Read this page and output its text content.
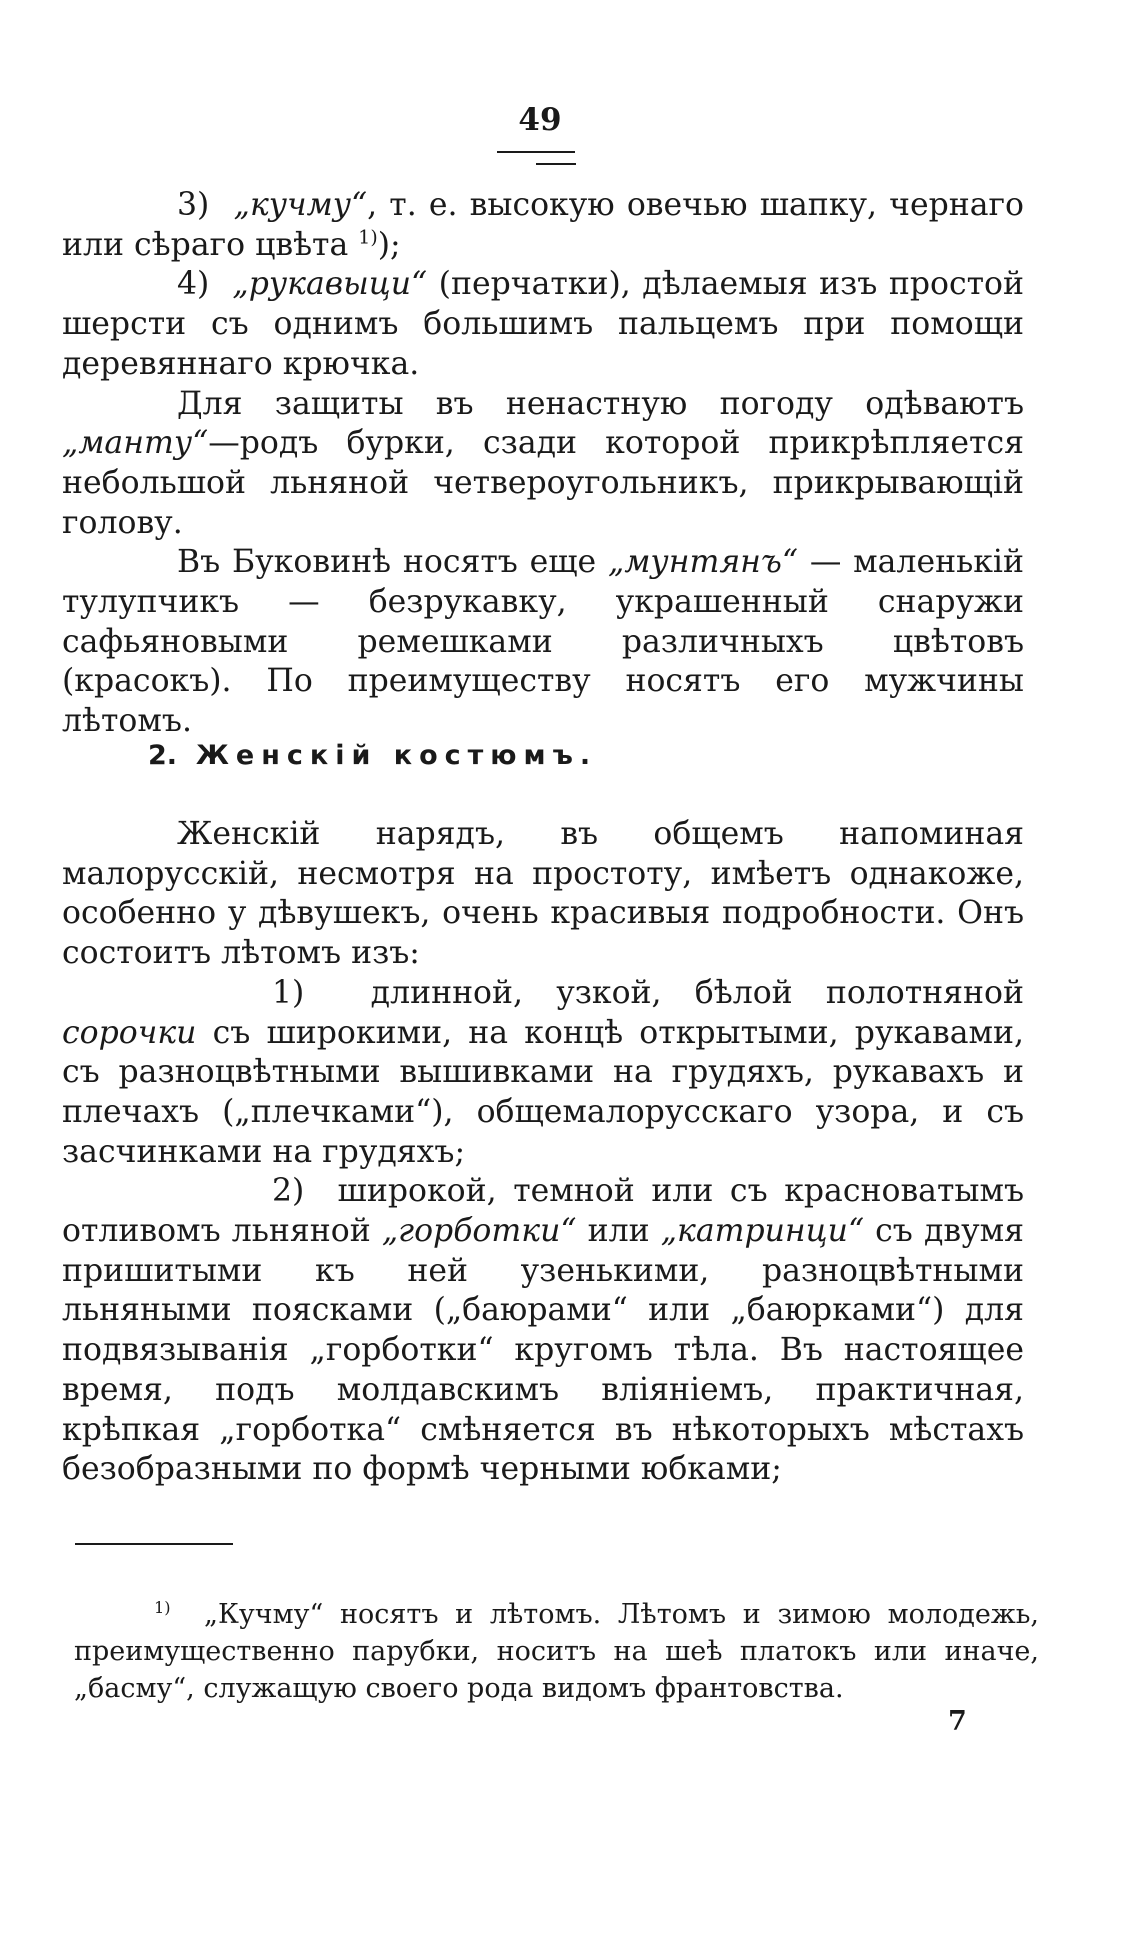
49

3) „кучму“, т. е. высокую овечью шапку, чернаго или сѣраго цвѣта $^{1)}$);

4) „рукавыци“ (перчатки), дѣлаемыя изъ простой шерсти съ однимъ большимъ пальцемъ при помощи деревяннаго крючка.

Для защиты въ ненастную погоду одѣваютъ „манту“—родъ бурки, сзади которой прикрѣпляется небольшой льняной четвероугольникъ, прикрывающій голову.

Въ Буковинѣ носятъ еще „мунтянъ“ — маленькій тулупчикъ — безрукавку, украшенный снаружи сафьяновыми ремешками различныхъ цвѣтовъ (красокъ). По преимуществу носятъ его мужчины лѣтомъ.

2. Женскій костюмъ.

Женскій нарядъ, въ общемъ напоминая малорусскій, несмотря на простоту, имѣетъ однакоже, особенно у дѣвушекъ, очень красивыя подробности. Онъ состоитъ лѣтомъ изъ:

1) длинной, узкой, бѣлой полотняной сорочки съ широкими, на концѣ открытыми, рукавами, съ разноцвѣтными вышивками на грудяхъ, рукавахъ и плечахъ („плечками“), общемалорусскаго узора, и съ засчинками на грудяхъ;

2) широкой, темной или съ красноватымъ отливомъ льняной „горботки“ или „катринци“ съ двумя пришитыми къ ней узенькими, разноцвѣтными льняными поясками („баюрами“ или „баюрками“) для подвязыванія „горботки“ кругомъ тѣла. Въ настоящее время, подъ молдавскимъ вліяніемъ, практичная, крѣпкая „горботка“ смѣняется въ нѣкоторыхъ мѣстахъ безобразными по формѣ черными юбками;

$^{1)}$ „Кучму“ носятъ и лѣтомъ. Лѣтомъ и зимою молодежь, преимущественно парубки, носитъ на шеѣ платокъ или иначе, „басму“, служащую своего рода видомъ франтовства.

7
